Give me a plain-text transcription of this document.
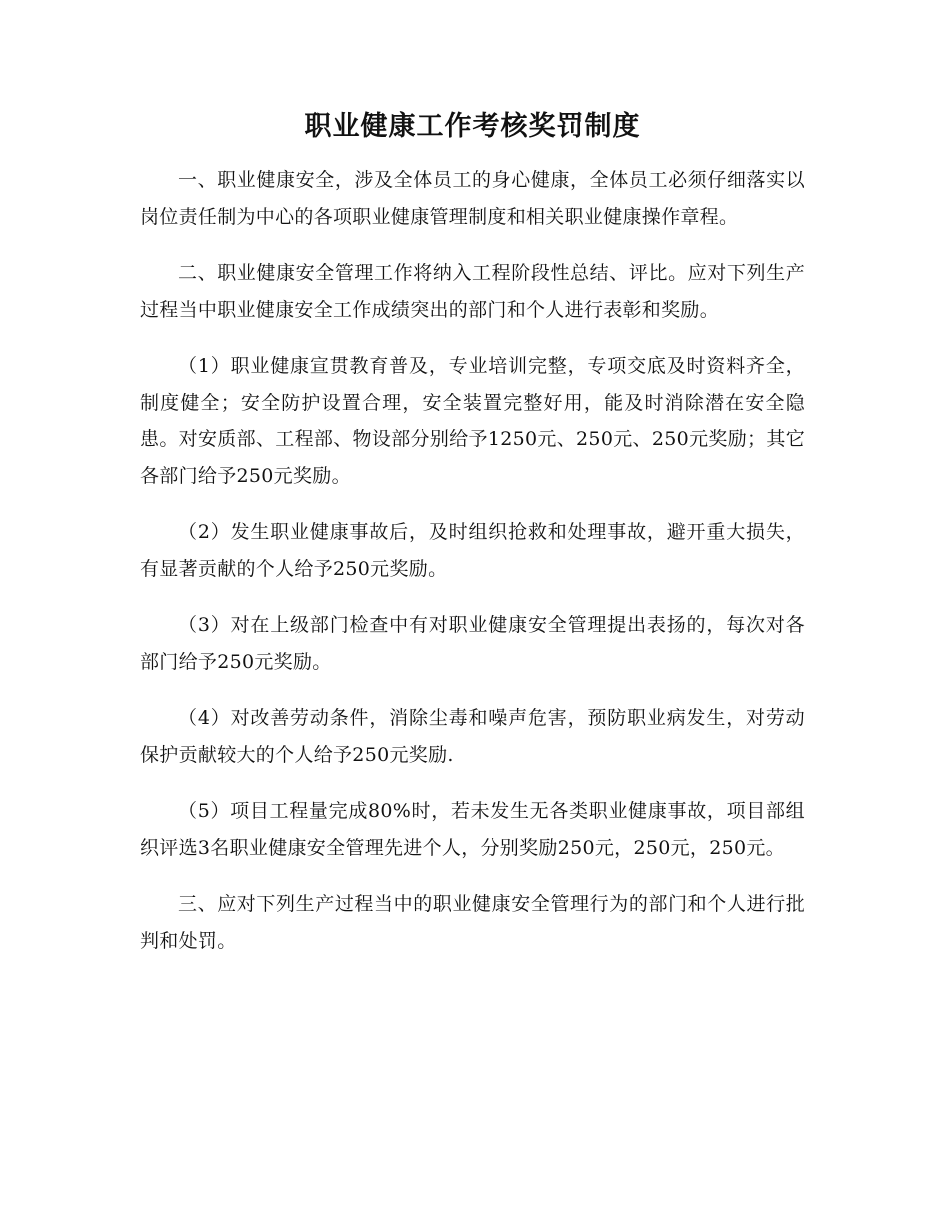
职业健康工作考核奖罚制度

一、职业健康安全，涉及全体员工的身心健康，全体员工必须仔细落实以岗位责任制为中心的各项职业健康管理制度和相关职业健康操作章程。

二、职业健康安全管理工作将纳入工程阶段性总结、评比。应对下列生产过程当中职业健康安全工作成绩突出的部门和个人进行表彰和奖励。

（1）职业健康宣贯教育普及，专业培训完整，专项交底及时资料齐全，制度健全；安全防护设置合理，安全装置完整好用，能及时消除潜在安全隐患。对安质部、工程部、物设部分别给予1250元、250元、250元奖励；其它各部门给予250元奖励。

（2）发生职业健康事故后，及时组织抢救和处理事故，避开重大损失，有显著贡献的个人给予250元奖励。

（3）对在上级部门检查中有对职业健康安全管理提出表扬的，每次对各部门给予250元奖励。

（4）对改善劳动条件，消除尘毒和噪声危害，预防职业病发生，对劳动保护贡献较大的个人给予250元奖励.

（5）项目工程量完成80%时，若未发生无各类职业健康事故，项目部组织评选3名职业健康安全管理先进个人，分别奖励250元，250元，250元。

三、应对下列生产过程当中的职业健康安全管理行为的部门和个人进行批判和处罚。
